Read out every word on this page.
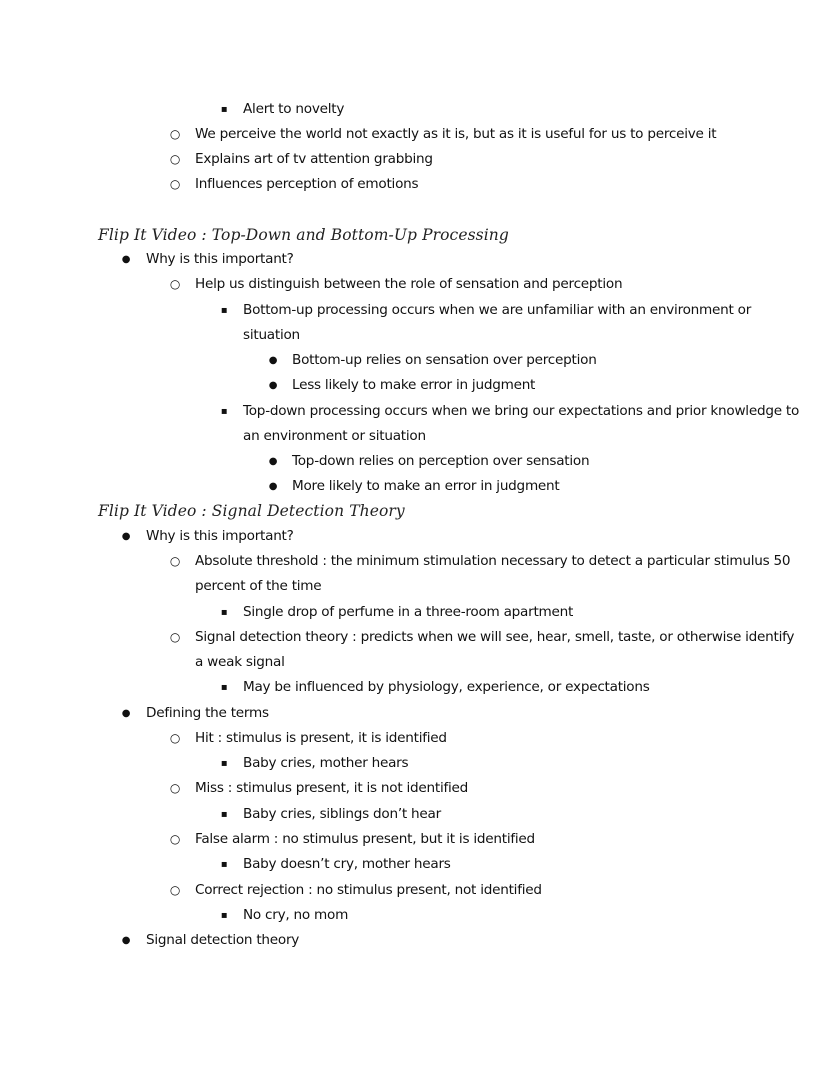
▪ Alert to novelty
○ We perceive the world not exactly as it is, but as it is useful for us to perceive it
○ Explains art of tv attention grabbing
○ Influences perception of emotions
Flip It Video : Top-Down and Bottom-Up Processing
● Why is this important?
○ Help us distinguish between the role of sensation and perception
▪ Bottom-up processing occurs when we are unfamiliar with an environment or
situation
● Bottom-up relies on sensation over perception
● Less likely to make error in judgment
▪ Top-down processing occurs when we bring our expectations and prior knowledge to
an environment or situation
● Top-down relies on perception over sensation
● More likely to make an error in judgment
Flip It Video : Signal Detection Theory
● Why is this important?
○ Absolute threshold : the minimum stimulation necessary to detect a particular stimulus 50
percent of the time
▪ Single drop of perfume in a three-room apartment
○ Signal detection theory : predicts when we will see, hear, smell, taste, or otherwise identify
a weak signal
▪ May be influenced by physiology, experience, or expectations
● Defining the terms
○ Hit : stimulus is present, it is identified
▪ Baby cries, mother hears
○ Miss : stimulus present, it is not identified
▪ Baby cries, siblings don’t hear
○ False alarm : no stimulus present, but it is identified
▪ Baby doesn’t cry, mother hears
○ Correct rejection : no stimulus present, not identified
▪ No cry, no mom
● Signal detection theory
